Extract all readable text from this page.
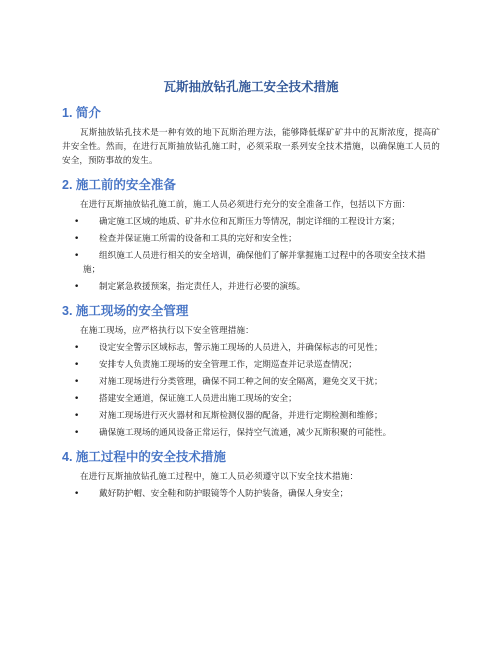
瓦斯抽放钻孔施工安全技术措施
1. 简介

瓦斯抽放钻孔技术是一种有效的地下瓦斯治理方法，能够降低煤矿矿井中的瓦斯浓度，提高矿井安全性。然而，在进行瓦斯抽放钻孔施工时，必须采取一系列安全技术措施，以确保施工人员的安全，预防事故的发生。

2. 施工前的安全准备

在进行瓦斯抽放钻孔施工前，施工人员必须进行充分的安全准备工作，包括以下方面：

•	确定施工区域的地质、矿井水位和瓦斯压力等情况，制定详细的工程设计方案；
•	检查并保证施工所需的设备和工具的完好和安全性；
•	组织施工人员进行相关的安全培训，确保他们了解并掌握施工过程中的各项安全技术措施；
•	制定紧急救援预案，指定责任人，并进行必要的演练。
3. 施工现场的安全管理

在施工现场，应严格执行以下安全管理措施：

•	设定安全警示区域标志，警示施工现场的人员进入，并确保标志的可见性；
•	安排专人负责施工现场的安全管理工作，定期巡查并记录巡查情况；
•	对施工现场进行分类管理，确保不同工种之间的安全隔离，避免交叉干扰；
•	搭建安全通道，保证施工人员进出施工现场的安全；
•	对施工现场进行灭火器材和瓦斯检测仪器的配备，并进行定期检测和维修；
•	确保施工现场的通风设备正常运行，保持空气流通，减少瓦斯积聚的可能性。
4. 施工过程中的安全技术措施

在进行瓦斯抽放钻孔施工过程中，施工人员必须遵守以下安全技术措施：

•	戴好防护帽、安全鞋和防护眼镜等个人防护装备，确保人身安全；
